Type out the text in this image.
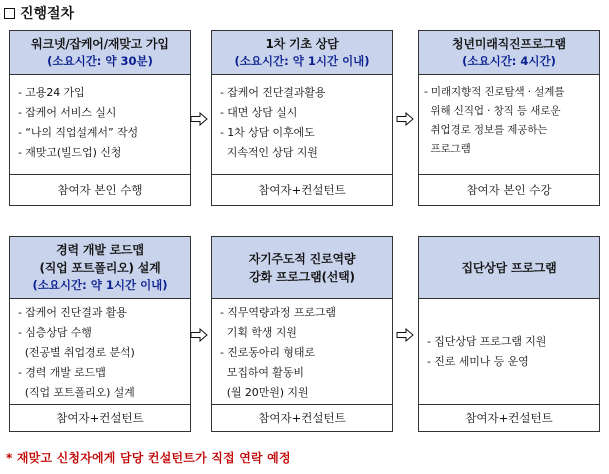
진행절차
워크넷/잡케어/재맞고 가입
(소요시간: 약 30분)
- 고용24 가입
- 잡케어 서비스 실시
- “나의 직업설계서” 작성
- 재맞고(빌드업) 신청
참여자 본인 수행
1차 기초 상담
(소요시간: 약 1시간 이내)
- 잡케어 진단결과활용
- 대면 상담 실시
- 1차 상담 이후에도
지속적인 상담 지원
참여자+컨설턴트
청년미래직진프로그램
(소요시간: 4시간)
- 미래지향적 진로탐색 · 설계를
위해 신직업 · 창직 등 새로운
취업경로 정보를 제공하는
프로그램
참여자 본인 수강
경력 개발 로드맵
(직업 포트폴리오) 설계
(소요시간: 약 1시간 이내)
- 잡케어 진단결과 활용
- 심층상담 수행
(전공별 취업경로 분석)
- 경력 개발 로드맵
(직업 포트폴리오) 설계
참여자+컨설턴트
자기주도적 진로역량
강화 프로그램(선택)
- 직무역량과정 프로그램
기획 학생 지원
- 진로동아리 형태로
모집하여 활동비
(월 20만원) 지원
참여자+컨설턴트
집단상담 프로그램
- 집단상담 프로그램 지원
- 진로 세미나 등 운영
참여자+컨설턴트
* 재맞고 신청자에게 담당 컨설턴트가 직접 연락 예정
